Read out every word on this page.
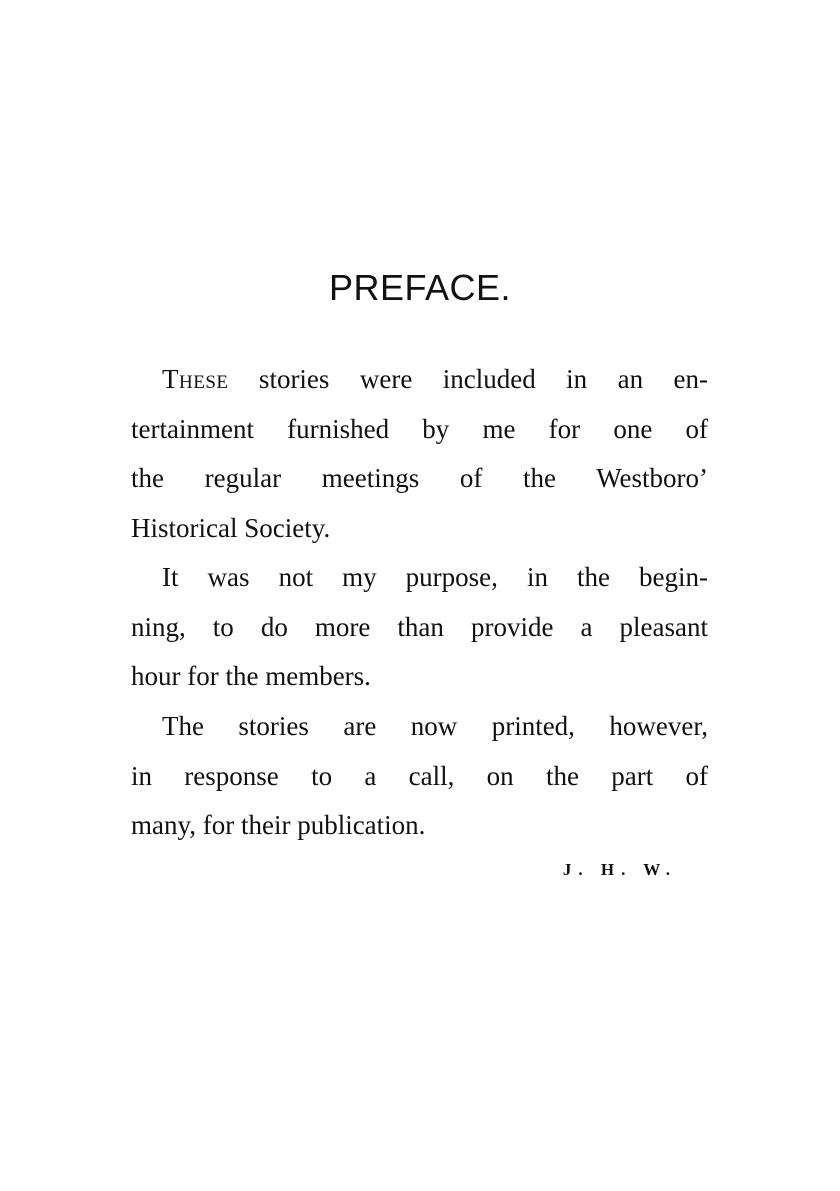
PREFACE.
These stories were included in an en-
tertainment furnished by me for one of
the regular meetings of the Westboro’
Historical Society.
It was not my purpose, in the begin-
ning, to do more than provide a pleasant
hour for the members.
The stories are now printed, however,
in response to a call, on the part of
many, for their publication.
J. H. W.
